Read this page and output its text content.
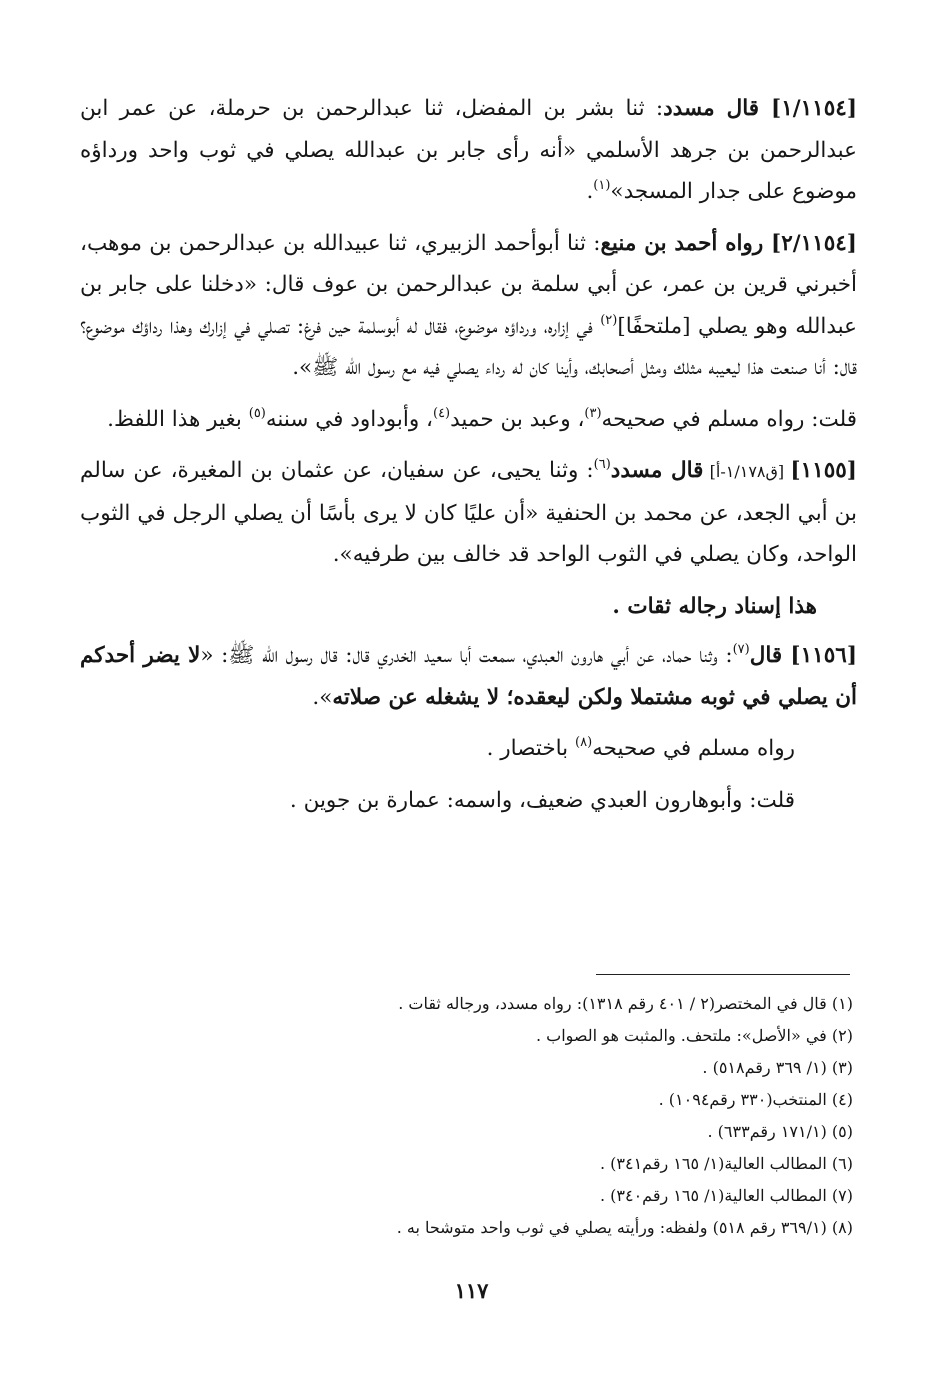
[١/١١٥٤] قال مسدد: ثنا بشر بن المفضل، ثنا عبدالرحمن بن حرملة، عن عمر ابن عبدالرحمن بن جرهد الأسلمي «أنه رأى جابر بن عبدالله يصلي في ثوب واحد ورداؤه موضوع على جدار المسجد»$^{(١)}$.

[٢/١١٥٤] رواه أحمد بن منيع: ثنا أبوأحمد الزبيري، ثنا عبيدالله بن عبدالرحمن بن موهب، أخبرني قرين بن عمر، عن أبي سلمة بن عبدالرحمن بن عوف قال: «دخلنا على جابر بن عبدالله وهو يصلي [ملتحفًا]$^{(٢)}$ في إزاره، ورداؤه موضوع، فقال له أبوسلمة حين فرغ: تصلي في إزارك وهذا رداؤك موضوع؟ قال: أنا صنعت هذا ليعيبه مثلك ومثل أصحابك، وأينا كان له رداء يصلي فيه مع رسول الله ﷺ».

قلت: رواه مسلم في صحيحه$^{(٣)}$، وعبد بن حميد$^{(٤)}$، وأبوداود في سننه$^{(٥)}$ بغير هذا اللفظ.

[١١٥٥] [ق١/١٧٨-أ] قال مسدد$^{(٦)}$: وثنا يحيى، عن سفيان، عن عثمان بن المغيرة، عن سالم بن أبي الجعد، عن محمد بن الحنفية «أن عليًا كان لا يرى بأسًا أن يصلي الرجل في الثوب الواحد، وكان يصلي في الثوب الواحد قد خالف بين طرفيه».

هذا إسناد رجاله ثقات .

[١١٥٦] قال$^{(٧)}$: وثنا حماد، عن أبي هارون العبدي، سمعت أبا سعيد الخدري قال: قال رسول الله ﷺ: «لا يضر أحدكم أن يصلي في ثوبه مشتملا ولكن ليعقده؛ لا يشغله عن صلاته».

رواه مسلم في صحيحه$^{(٨)}$ باختصار .

قلت: وأبوهارون العبدي ضعيف، واسمه: عمارة بن جوين .

(١) قال في المختصر(٢ / ٤٠١ رقم ١٣١٨): رواه مسدد، ورجاله ثقات .
(٢) في «الأصل»: ملتحف. والمثبت هو الصواب .
(٣) (١/ ٣٦٩ رقم٥١٨) .
(٤) المنتخب(٣٣٠ رقم١٠٩٤) .
(٥) (١٧١/١ رقم٦٣٣) .
(٦) المطالب العالية(١/ ١٦٥ رقم٣٤١) .
(٧) المطالب العالية(١/ ١٦٥ رقم٣٤٠) .
(٨) (٣٦٩/١ رقم ٥١٨) ولفظه: ورأيته يصلي في ثوب واحد متوشحا به .
١١٧
